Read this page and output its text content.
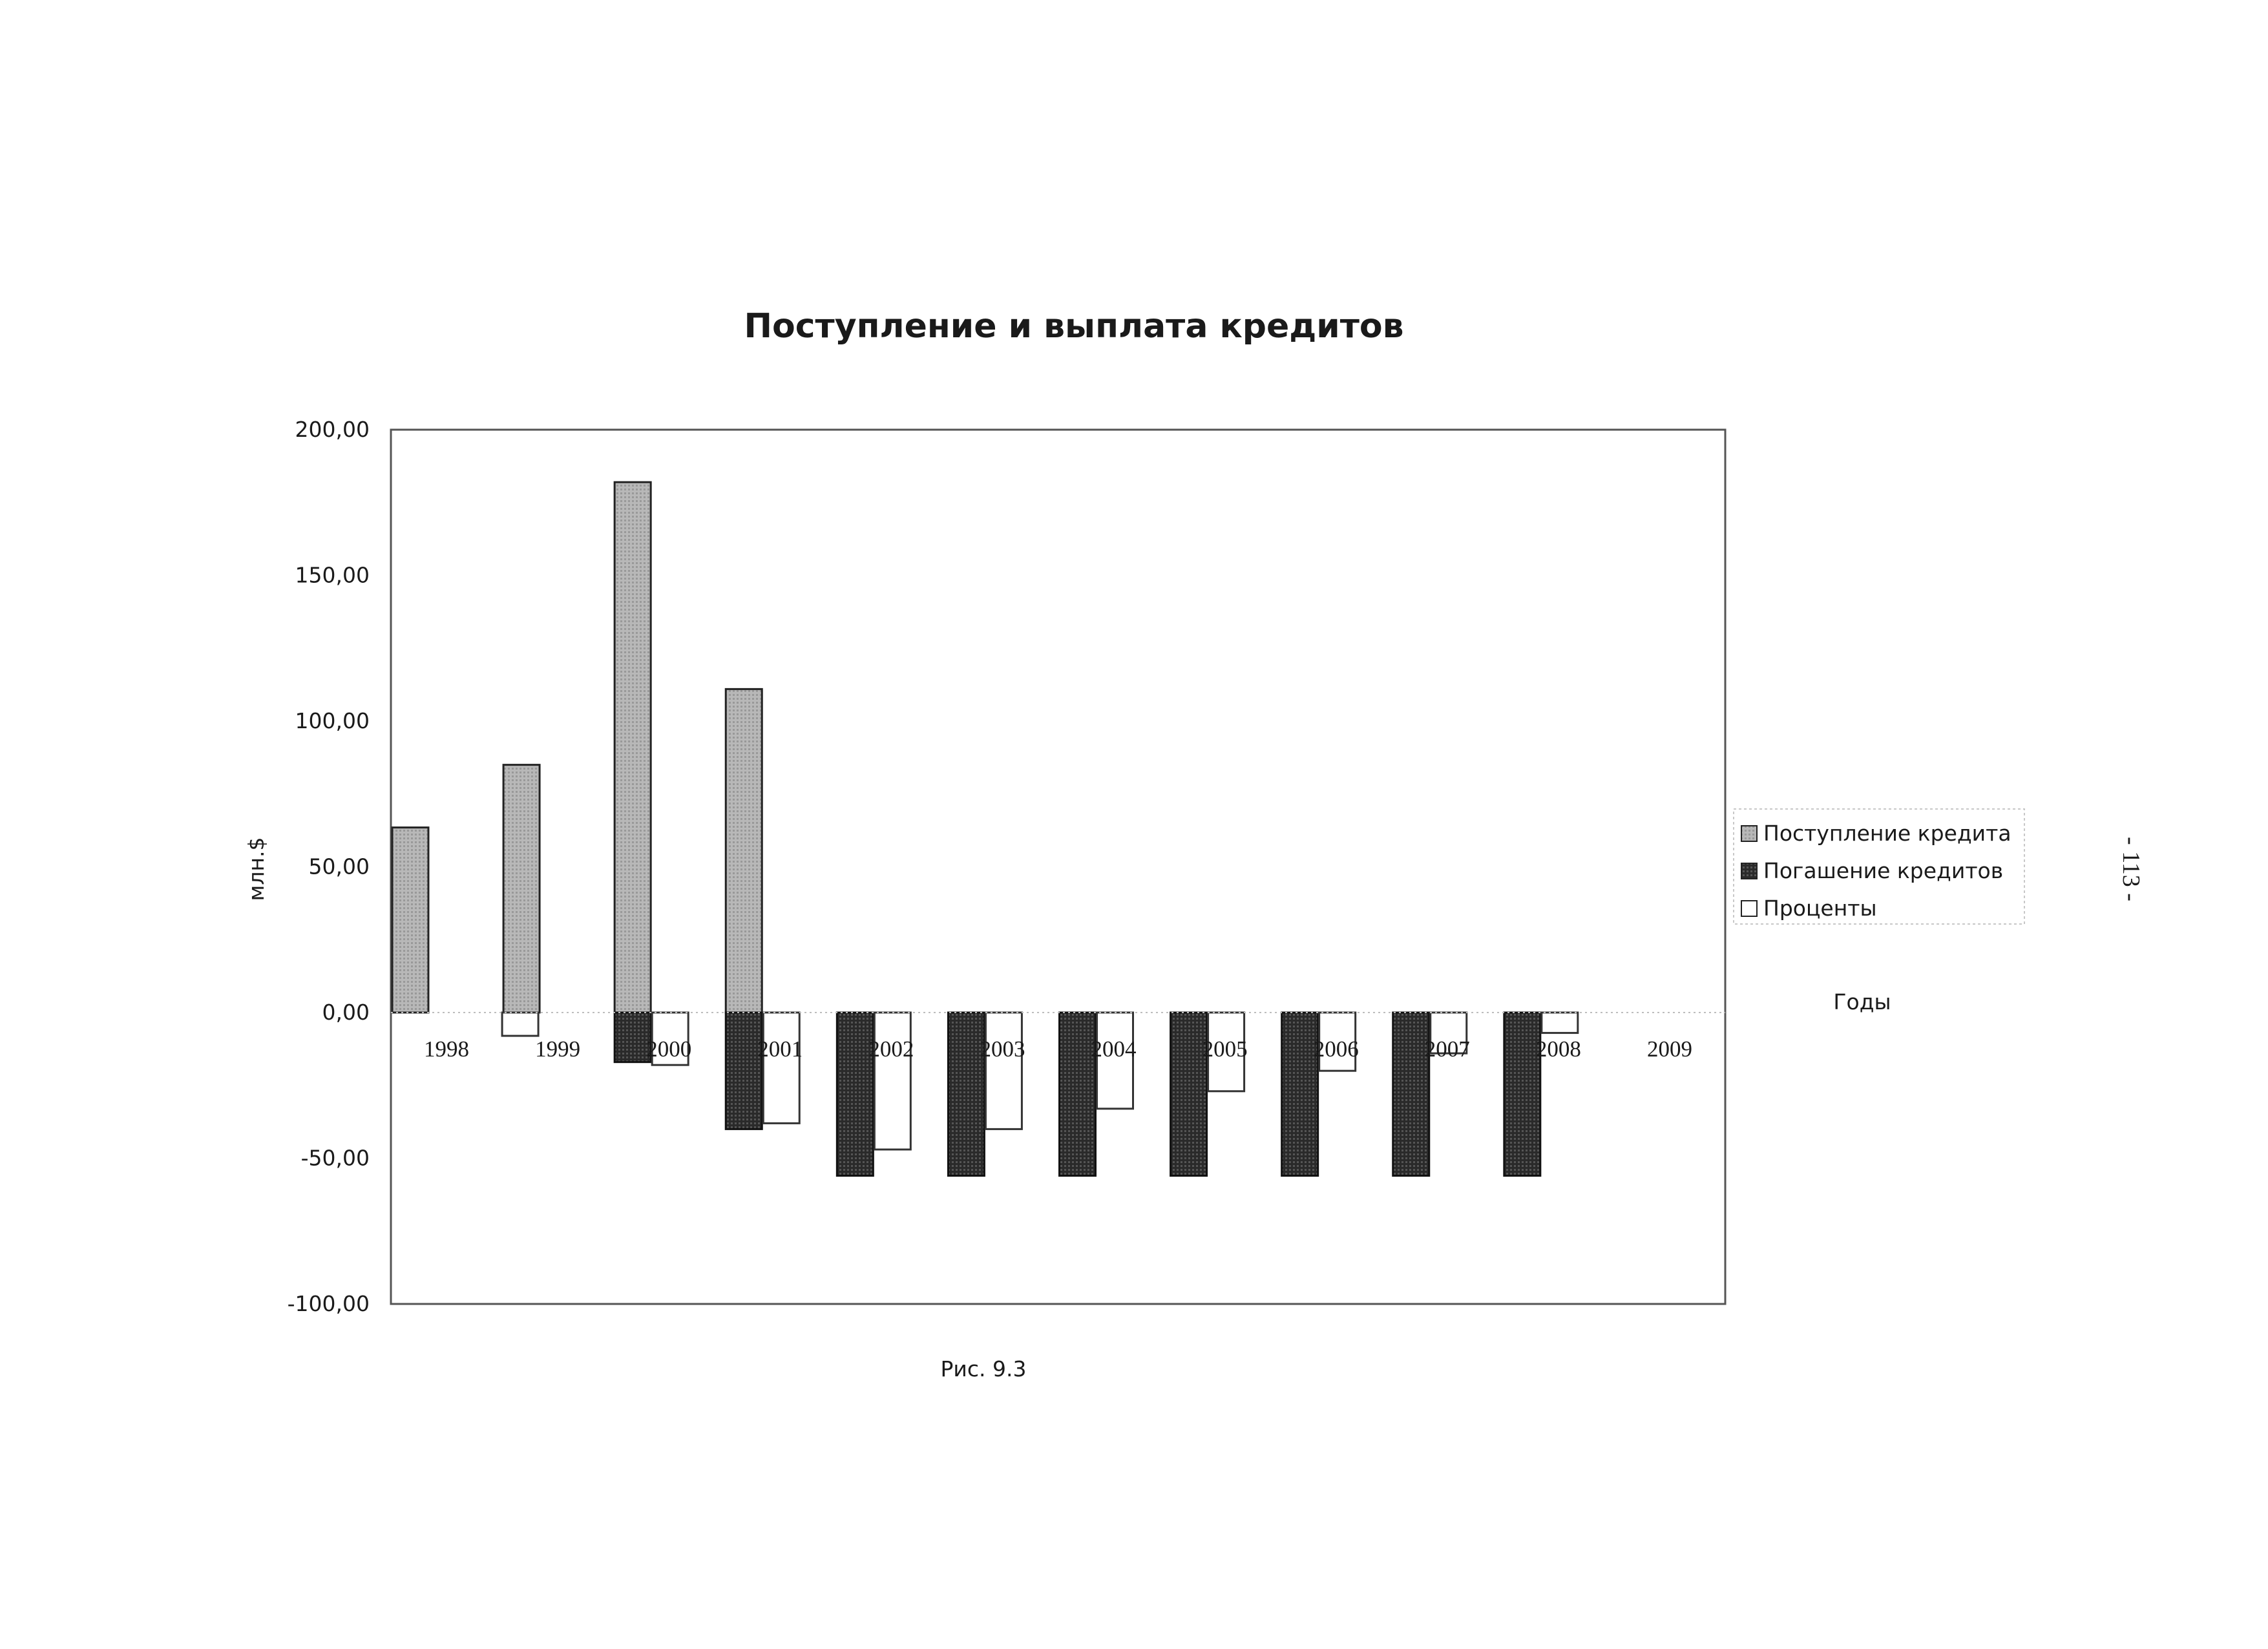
Поступление и выплата кредитов
200,00
150,00
100,00
50,00
0,00
-50,00
-100,00
1998	1999	2000	2001	2002	2003	2004	2005	2006	2007	2008	2009
млн.$
Годы
Поступление кредита
Погашение кредитов
Проценты
Рис. 9.3
- 113 -
